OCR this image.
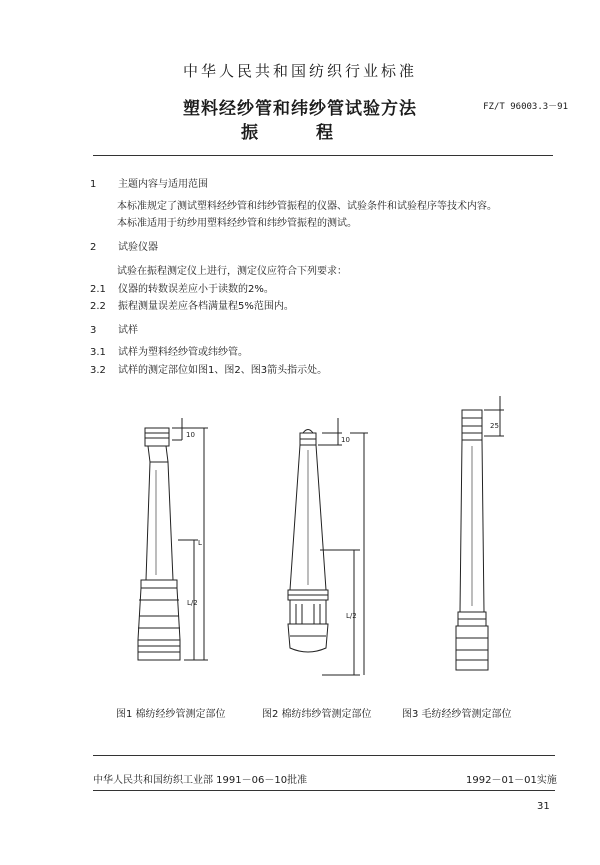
中华人民共和国纺织行业标准
塑料经纱管和纬纱管试验方法
振 程
FZ/T 96003.3－91
1 主题内容与适用范围
本标准规定了测试塑料经纱管和纬纱管振程的仪器、试验条件和试验程序等技术内容。
本标准适用于纺纱用塑料经纱管和纬纱管振程的测试。
2 试验仪器
试验在振程测定仪上进行，测定仪应符合下列要求：
2.1 仪器的转数误差应小于读数的2%。
2.2 振程测量误差应各档满量程5%范围内。
3 试样
3.1 试样为塑料经纱管或纬纱管。
3.2 试样的测定部位如图1、图2、图3箭头指示处。
10
L
L/2
10
L/2
25
图1 棉纺经纱管测定部位	图2 棉纺纬纱管测定部位	图3 毛纺经纱管测定部位
中华人民共和国纺织工业部 1991－06－10批准	1992－01－01实施
31
